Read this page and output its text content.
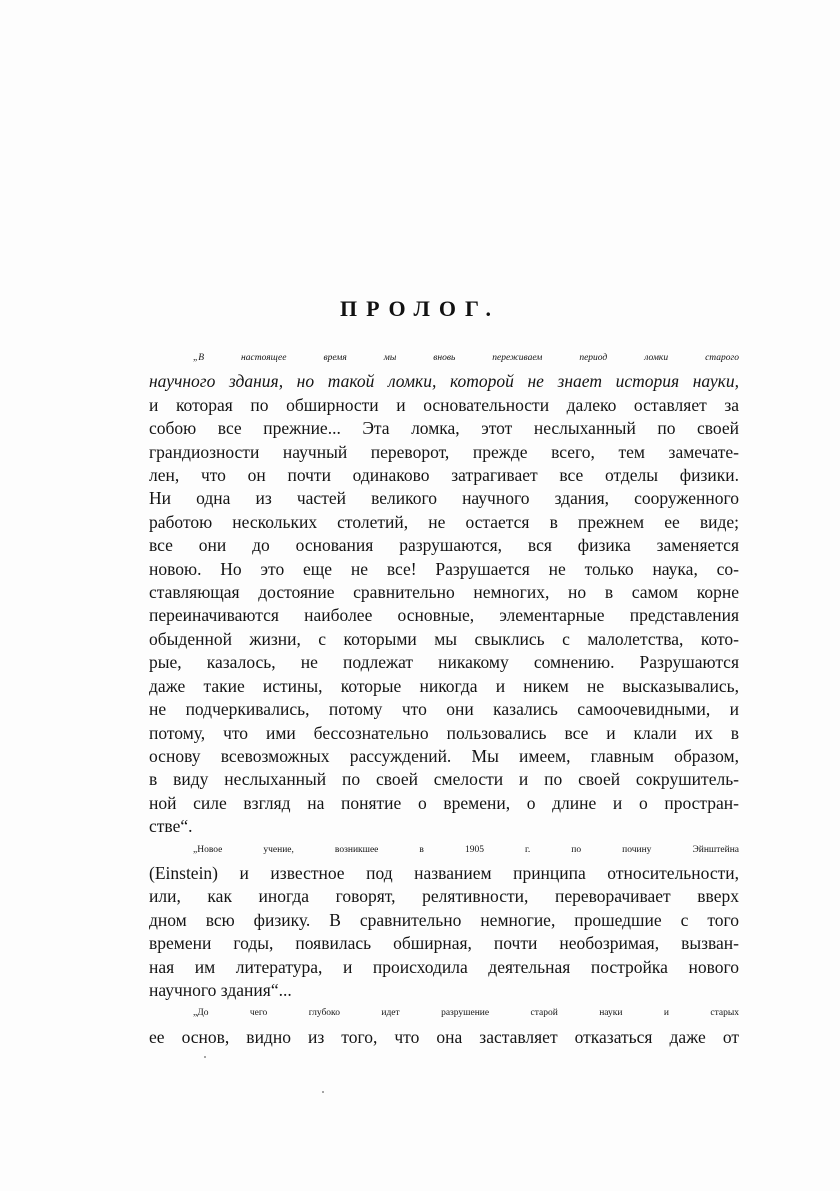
ПРОЛОГ.

„В настоящее время мы вновь переживаем период ломки старого
научного здания, но такой ломки, которой не знает история науки,
и которая по обширности и основательности далеко оставляет за
собою все прежние... Эта ломка, этот неслыханный по своей
грандиозности научный переворот, прежде всего, тем замечате-
лен, что он почти одинаково затрагивает все отделы физики.
Ни одна из частей великого научного здания, сооруженного
работою нескольких столетий, не остается в прежнем ее виде;
все они до основания разрушаются, вся физика заменяется
новою. Но это еще не все! Разрушается не только наука, со-
ставляющая достояние сравнительно немногих, но в самом корне
переиначиваются наиболее основные, элементарные представления
обыденной жизни, с которыми мы свыклись с малолетства, кото-
рые, казалось, не подлежат никакому сомнению. Разрушаются
даже такие истины, которые никогда и никем не высказывались,
не подчеркивались, потому что они казались самоочевидными, и
потому, что ими бессознательно пользовались все и клали их в
основу всевозможных рассуждений. Мы имеем, главным образом,
в виду неслыханный по своей смелости и по своей сокрушитель-
ной силе взгляд на понятие о времени, о длине и о простран-
стве“.

„Новое учение, возникшее в 1905 г. по почину Эйнштейна
(Einstein) и известное под названием принципа относительности,
или, как иногда говорят, релятивности, переворачивает вверх
дном всю физику. В сравнительно немногие, прошедшие с того
времени годы, появилась обширная, почти необозримая, вызван-
ная им литература, и происходила деятельная постройка нового
научного здания“...

„До чего глубоко идет разрушение старой науки и старых
ее основ, видно из того, что она заставляет отказаться даже от
